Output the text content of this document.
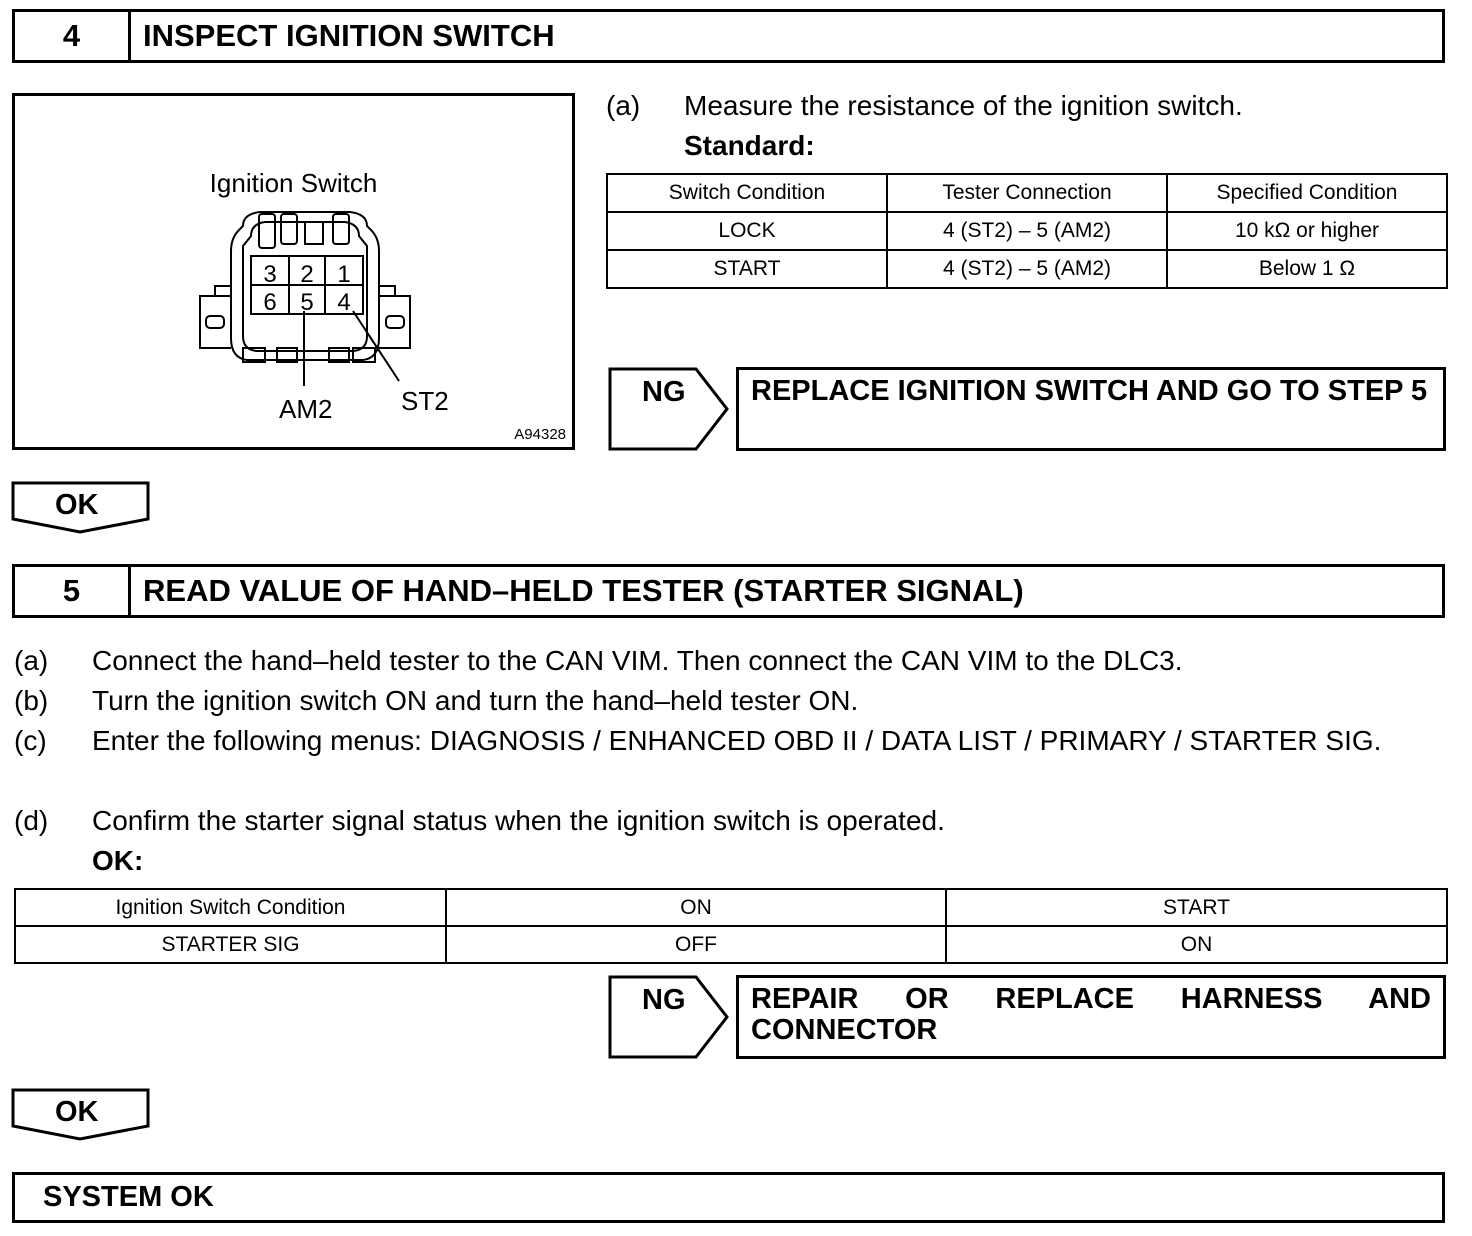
4	INSPECT IGNITION SWITCH
Ignition Switch
3 2 1
6 5 4
AM2	ST2
A94328
(a) Measure the resistance of the ignition switch.
Standard:
Switch Condition	Tester Connection	Specified Condition
LOCK	4 (ST2) – 5 (AM2)	10 kΩ or higher
START	4 (ST2) – 5 (AM2)	Below 1 Ω
NG	REPLACE IGNITION SWITCH AND GO TO STEP 5
OK
5	READ VALUE OF HAND–HELD TESTER (STARTER SIGNAL)
(a) Connect the hand–held tester to the CAN VIM. Then connect the CAN VIM to the DLC3.
(b) Turn the ignition switch ON and turn the hand–held tester ON.
(c) Enter the following menus: DIAGNOSIS / ENHANCED OBD II / DATA LIST / PRIMARY / STARTER SIG.
(d) Confirm the starter signal status when the ignition switch is operated.
OK:
Ignition Switch Condition	ON	START
STARTER SIG	OFF	ON
NG	REPAIR OR REPLACE HARNESS AND CONNECTOR
OK
SYSTEM OK
